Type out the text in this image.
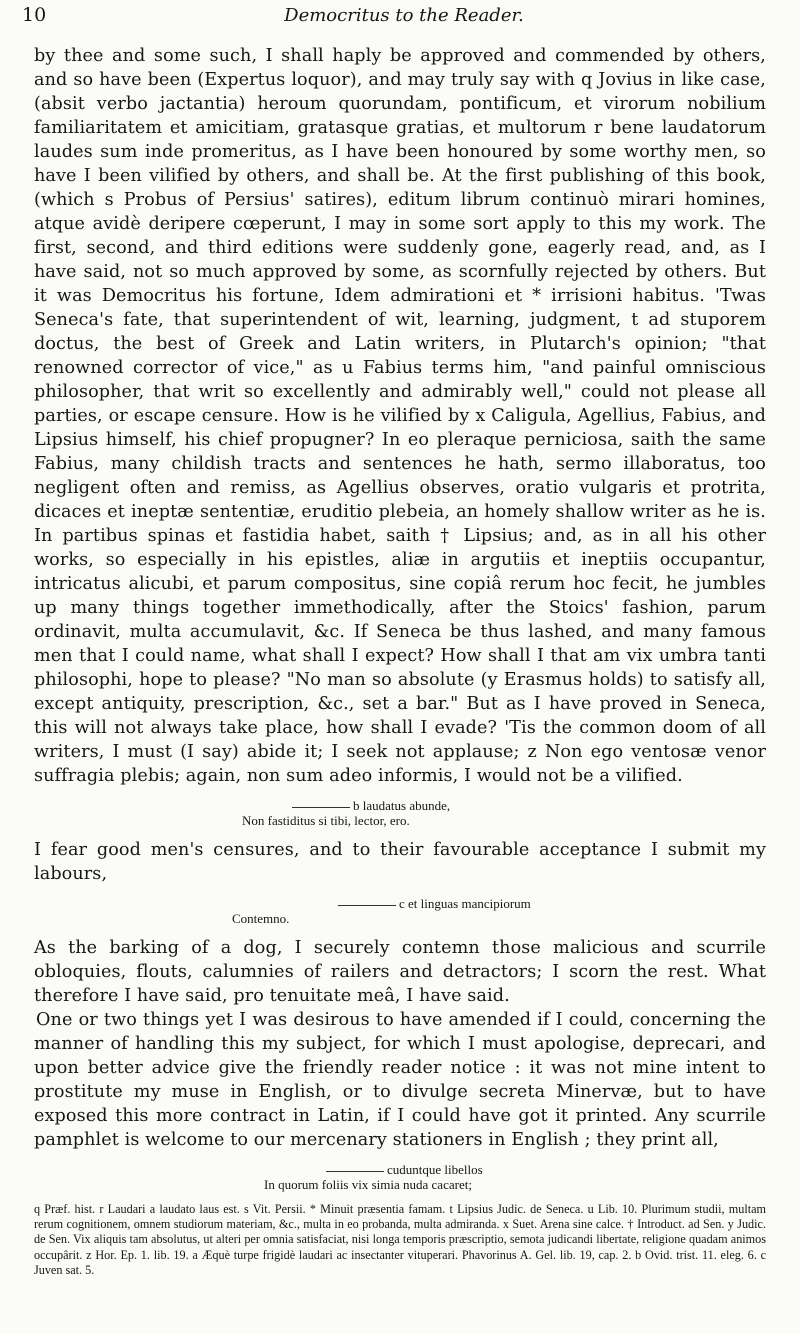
10	Democritus to the Reader.

by thee and some such, I shall haply be approved and commended by others, and so have been (Expertus loquor), and may truly say with q Jovius in like case, (absit verbo jactantia) heroum quorundam, pontificum, et virorum nobilium familiaritatem et amicitiam, gratasque gratias, et multorum r bene laudatorum laudes sum inde promeritus, as I have been honoured by some worthy men, so have I been vilified by others, and shall be. At the first publishing of this book, (which s Probus of Persius' satires), editum librum continuò mirari homines, atque avidè deripere cœperunt, I may in some sort apply to this my work. The first, second, and third editions were suddenly gone, eagerly read, and, as I have said, not so much approved by some, as scornfully rejected by others. But it was Democritus his fortune, Idem admirationi et * irrisioni habitus. 'Twas Seneca's fate, that superintendent of wit, learning, judgment, t ad stuporem doctus, the best of Greek and Latin writers, in Plutarch's opinion; "that renowned corrector of vice," as u Fabius terms him, "and painful omniscious philosopher, that writ so excellently and admirably well," could not please all parties, or escape censure. How is he vilified by x Caligula, Agellius, Fabius, and Lipsius himself, his chief propugner? In eo pleraque perniciosa, saith the same Fabius, many childish tracts and sentences he hath, sermo illaboratus, too negligent often and remiss, as Agellius observes, oratio vulgaris et protrita, dicaces et ineptæ sententiæ, eruditio plebeia, an homely shallow writer as he is. In partibus spinas et fastidia habet, saith † Lipsius; and, as in all his other works, so especially in his epistles, aliæ in argutiis et ineptiis occupantur, intricatus alicubi, et parum compositus, sine copiâ rerum hoc fecit, he jumbles up many things together immethodically, after the Stoics' fashion, parum ordinavit, multa accumulavit, &c. If Seneca be thus lashed, and many famous men that I could name, what shall I expect? How shall I that am vix umbra tanti philosophi, hope to please? "No man so absolute (y Erasmus holds) to satisfy all, except antiquity, prescription, &c., set a bar." But as I have proved in Seneca, this will not always take place, how shall I evade? 'Tis the common doom of all writers, I must (I say) abide it; I seek not applause; z Non ego ventosæ venor suffragia plebis; again, non sum adeo informis, I would not be a vilified.

b laudatus abunde,
Non fastiditus si tibi, lector, ero.

I fear good men's censures, and to their favourable acceptance I submit my labours,

c et linguas mancipiorum
Contemno.

As the barking of a dog, I securely contemn those malicious and scurrile obloquies, flouts, calumnies of railers and detractors; I scorn the rest. What therefore I have said, pro tenuitate meâ, I have said.

One or two things yet I was desirous to have amended if I could, concerning the manner of handling this my subject, for which I must apologise, deprecari, and upon better advice give the friendly reader notice : it was not mine intent to prostitute my muse in English, or to divulge secreta Minervæ, but to have exposed this more contract in Latin, if I could have got it printed. Any scurrile pamphlet is welcome to our mercenary stationers in English ; they print all,

cuduntque libellos
In quorum foliis vix simia nuda cacaret;
q Præf. hist. r Laudari a laudato laus est. s Vit. Persii. * Minuit præsentia famam. t Lipsius Judic. de Seneca. u Lib. 10. Plurimum studii, multam rerum cognitionem, omnem studiorum materiam, &c., multa in eo probanda, multa admiranda. x Suet. Arena sine calce. † Introduct. ad Sen. y Judic. de Sen. Vix aliquis tam absolutus, ut alteri per omnia satisfaciat, nisi longa temporis præscriptio, semota judicandi libertate, religione quadam animos occupârit. z Hor. Ep. 1. lib. 19. a Æquè turpe frigidè laudari ac insectanter vituperari. Phavorinus A. Gel. lib. 19, cap. 2. b Ovid. trist. 11. eleg. 6. c Juven sat. 5.
